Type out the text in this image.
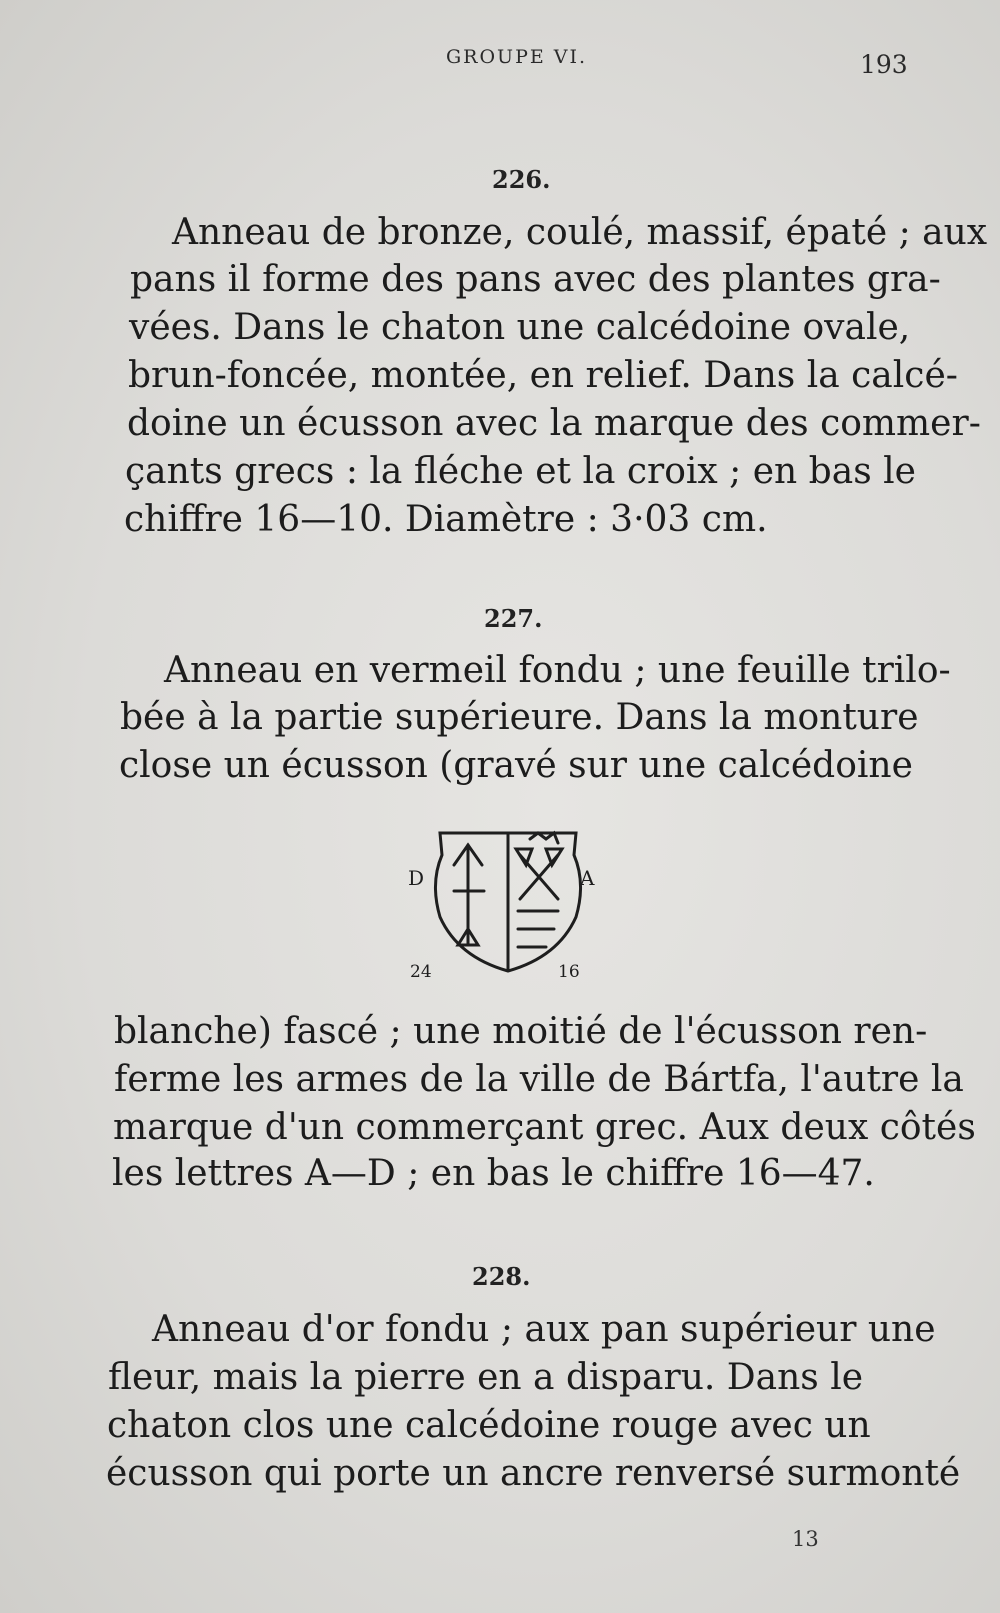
GROUPE VI.	193
226.
Anneau de bronze, coulé, massif, épaté ; aux
pans il forme des pans avec des plantes gra-
vées. Dans le chaton une calcédoine ovale,
brun-foncée, montée, en relief. Dans la calcé-
doine un écusson avec la marque des commer-
çants grecs : la fléche et la croix ; en bas le
chiffre 16—10. Diamètre : 3·03 cm.
227.
Anneau en vermeil fondu ; une feuille trilo-
bée à la partie supérieure. Dans la monture
close un écusson (gravé sur une calcédoine
D	A
24	16
blanche) fascé ; une moitié de l'écusson ren-
ferme les armes de la ville de Bártfa, l'autre la
marque d'un commerçant grec. Aux deux côtés
les lettres A—D ; en bas le chiffre 16—47.
228.
Anneau d'or fondu ; aux pan supérieur une
fleur, mais la pierre en a disparu. Dans le
chaton clos une calcédoine rouge avec un
écusson qui porte un ancre renversé surmonté
13
